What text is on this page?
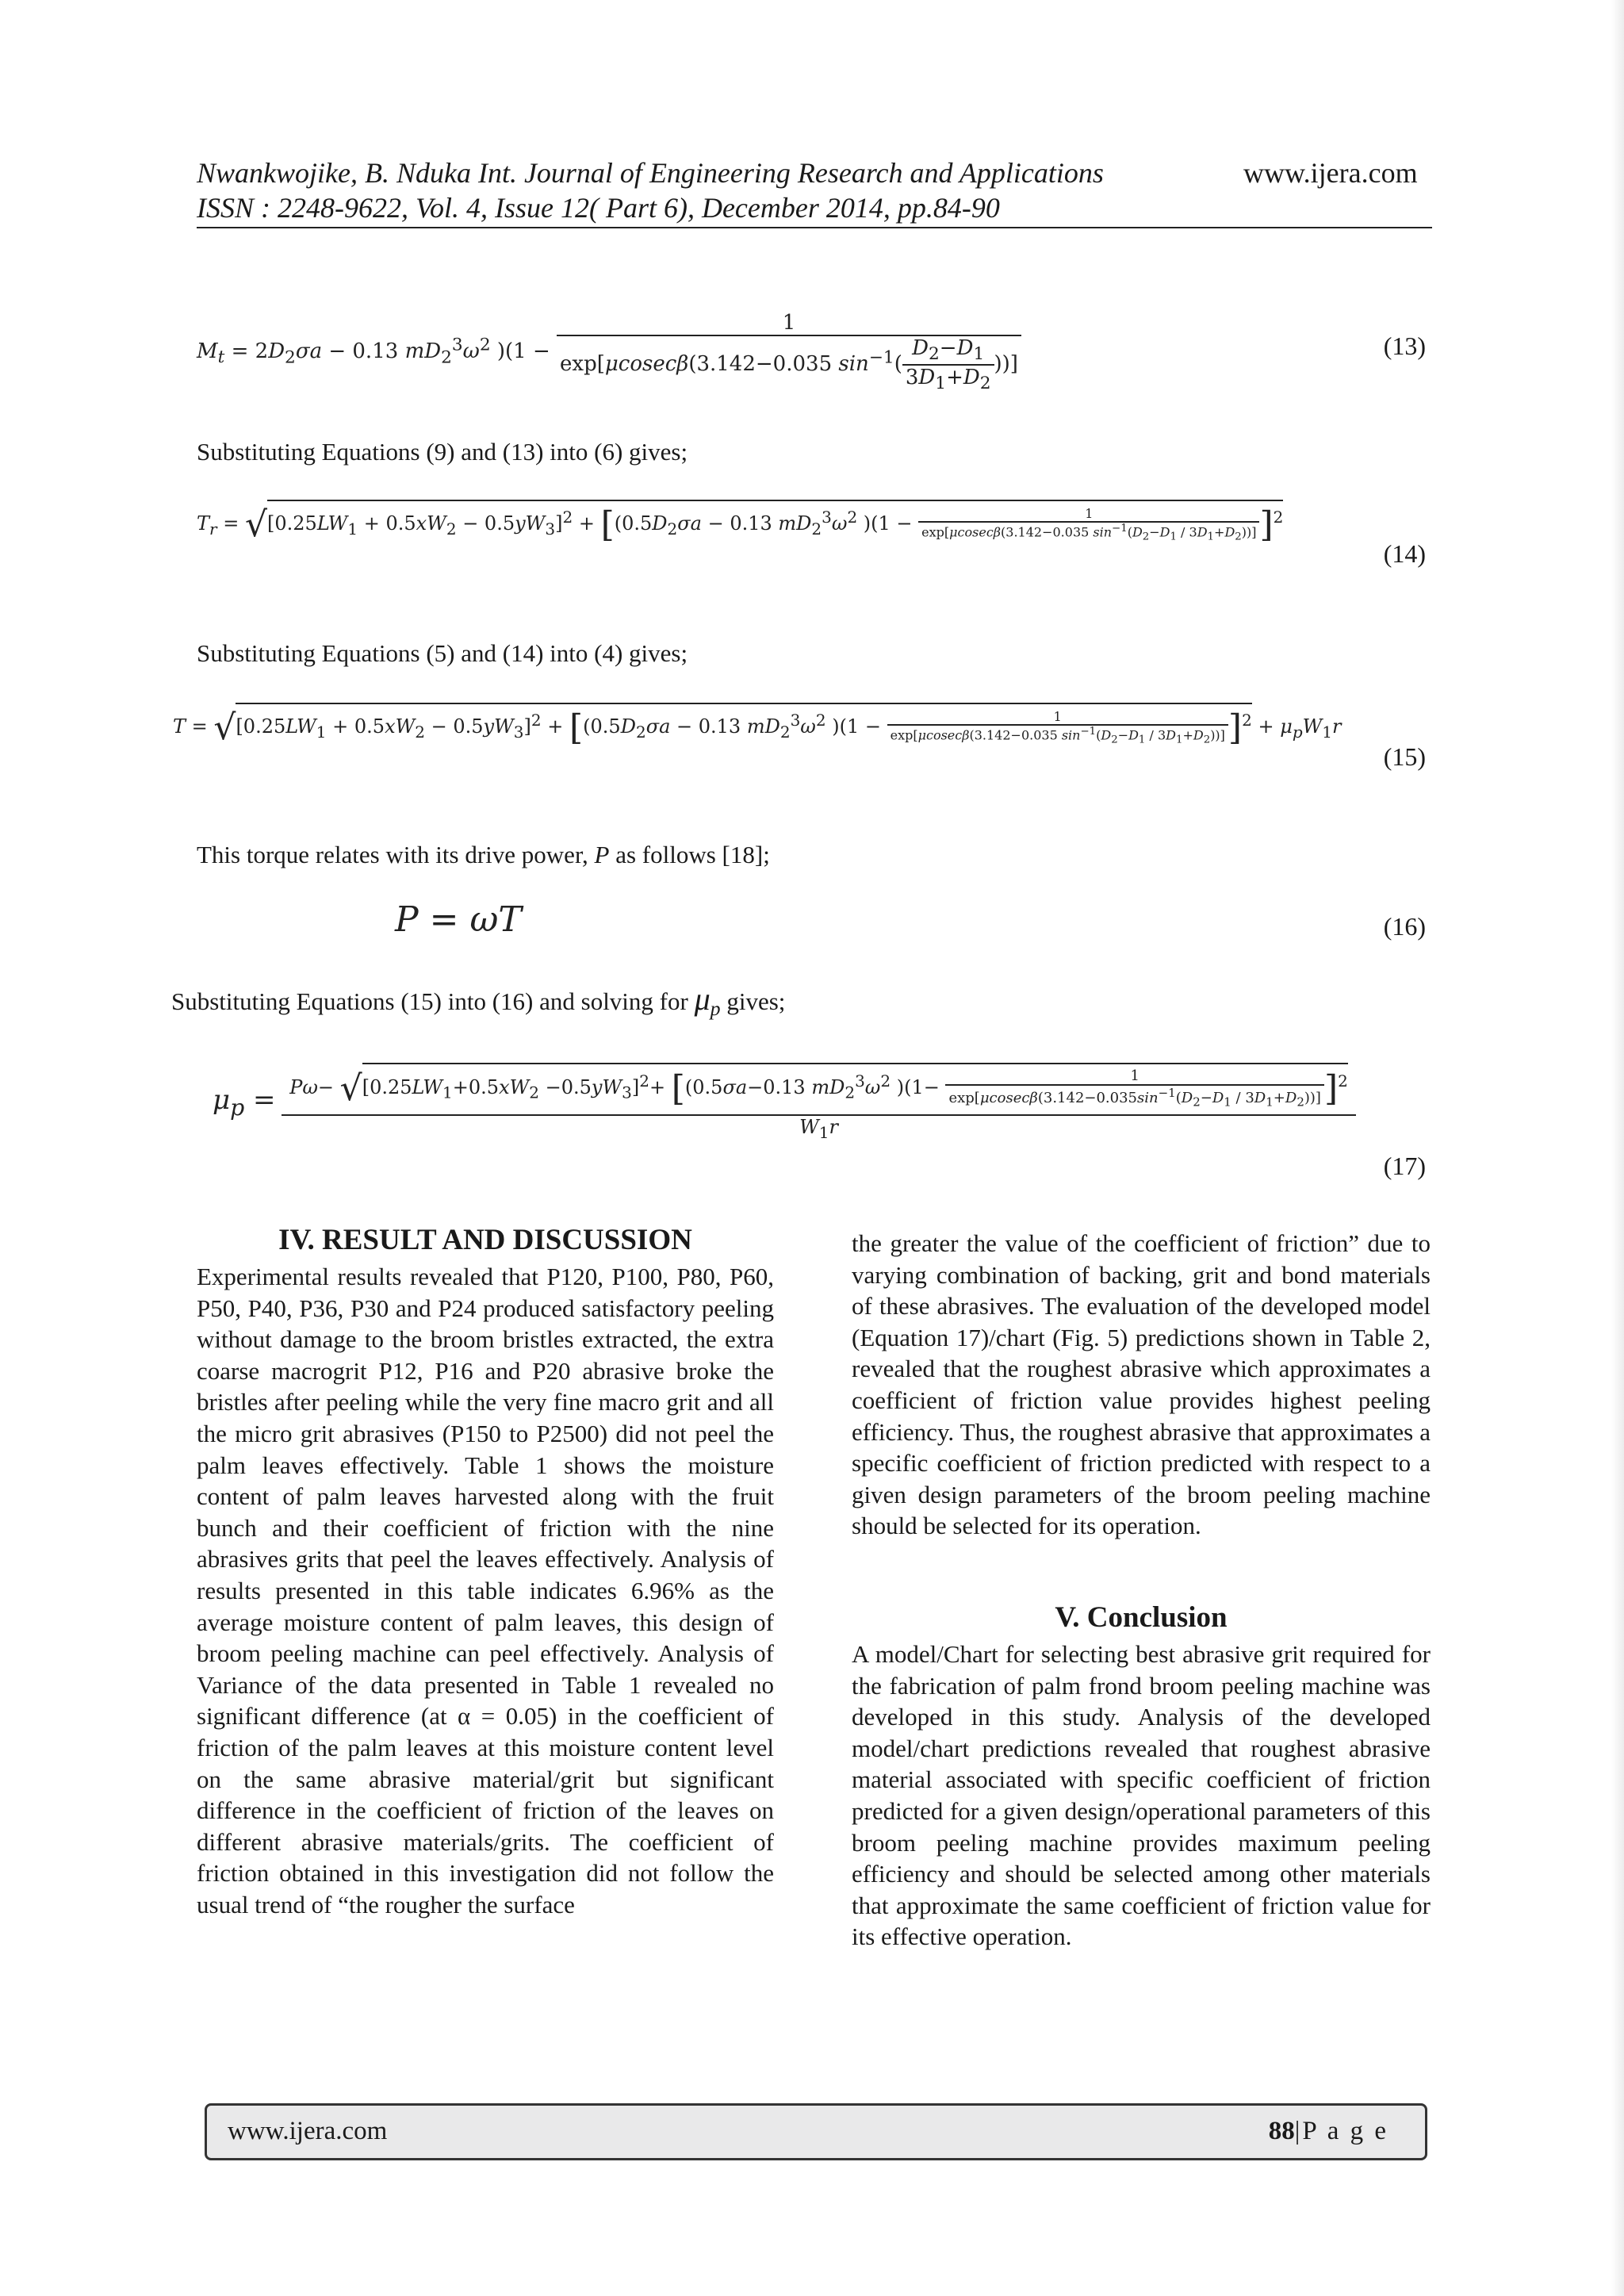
Nwankwojike, B. Nduka Int. Journal of Engineering Research and Applications
ISSN : 2248-9622, Vol. 4, Issue 12( Part 6), December 2014, pp.84-90
www.ijera.com
$M_t = 2D_2\sigma a - 0.13$ $mD_2^3\omega^2$ )($1 - \frac{1}{\exp[\mu cosec\beta(3.142-0.035 \sin^{-1}( \frac{D_2-D_1}{3D_1+D_2} ))]}$	(13)
Substituting Equations (9) and (13) into (6) gives;
$T_r = √[0.25LW_1 + 0.5xW_2 - 0.5yW_3]^2 + [(0.5D_2\sigma a - 0.13$ $mD_2^3\omega^2$ )$(1 - \frac{1}{\exp[\mu cosec\beta(3.142-0.035 \sin^{-1}(D_2-D_1 / 3D_1+D_2))]} ]^2$
(14)
Substituting Equations (5) and (14) into (4) gives;
$T = √[0.25LW_1 + 0.5xW_2 - 0.5yW_3]^2 + [(0.5D_2\sigma a - 0.13$ $mD_2^3\omega^2$ )$(1 - \frac{1}{\exp[\mu cosec\beta(3.142-0.035 \sin^{-1}(D_2-D_1 / 3D_1+D_2))]} ]^2 + \mu_pW_1r$
(15)
This torque relates with its drive power, P as follows [18];
P = ωT	(16)
Substituting Equations (15) into (16) and solving for $\mu_p$ gives;
$\mu_p = P\omega- √[0.25LW_1+0.5xW_2 -0.5yW_3]^2+ [(0.5\sigma a-0.13$ $mD_2^3\omega^2$ )$(1- \frac{1}{\exp[\mu cosec\beta(3.142-0.035\sin^{-1}(D_2-D_1 / 3D_1+D_2))]} ]^2$
$W_1r$
(17)
IV. RESULT AND DISCUSSION
Experimental results revealed that P120, P100, P80, P60, P50, P40, P36, P30 and P24 produced satisfactory peeling without damage to the broom bristles extracted, the extra coarse macrogrit P12, P16 and P20 abrasive broke the bristles after peeling while the very fine macro grit and all the micro grit abrasives (P150 to P2500) did not peel the palm leaves effectively. Table 1 shows the moisture content of palm leaves harvested along with the fruit bunch and their coefficient of friction with the nine abrasives grits that peel the leaves effectively. Analysis of results presented in this table indicates 6.96% as the average moisture content of palm leaves, this design of broom peeling machine can peel effectively. Analysis of Variance of the data presented in Table 1 revealed no significant difference (at α = 0.05) in the coefficient of friction of the palm leaves at this moisture content level on the same abrasive material/grit but significant difference in the coefficient of friction of the leaves on different abrasive materials/grits. The coefficient of friction obtained in this investigation did not follow the usual trend of “the rougher the surface
the greater the value of the coefficient of friction” due to varying combination of backing, grit and bond materials of these abrasives. The evaluation of the developed model (Equation 17)/chart (Fig. 5) predictions shown in Table 2, revealed that the roughest abrasive which approximates a coefficient of friction value provides highest peeling efficiency. Thus, the roughest abrasive that approximates a specific coefficient of friction predicted with respect to a given design parameters of the broom peeling machine should be selected for its operation.
V. Conclusion
A model/Chart for selecting best abrasive grit required for the fabrication of palm frond broom peeling machine was developed in this study. Analysis of the developed model/chart predictions revealed that roughest abrasive material associated with specific coefficient of friction predicted for a given design/operational parameters of this broom peeling machine provides maximum peeling efficiency and should be selected among other materials that approximate the same coefficient of friction value for its effective operation.
www.ijera.com	88|P a g e
